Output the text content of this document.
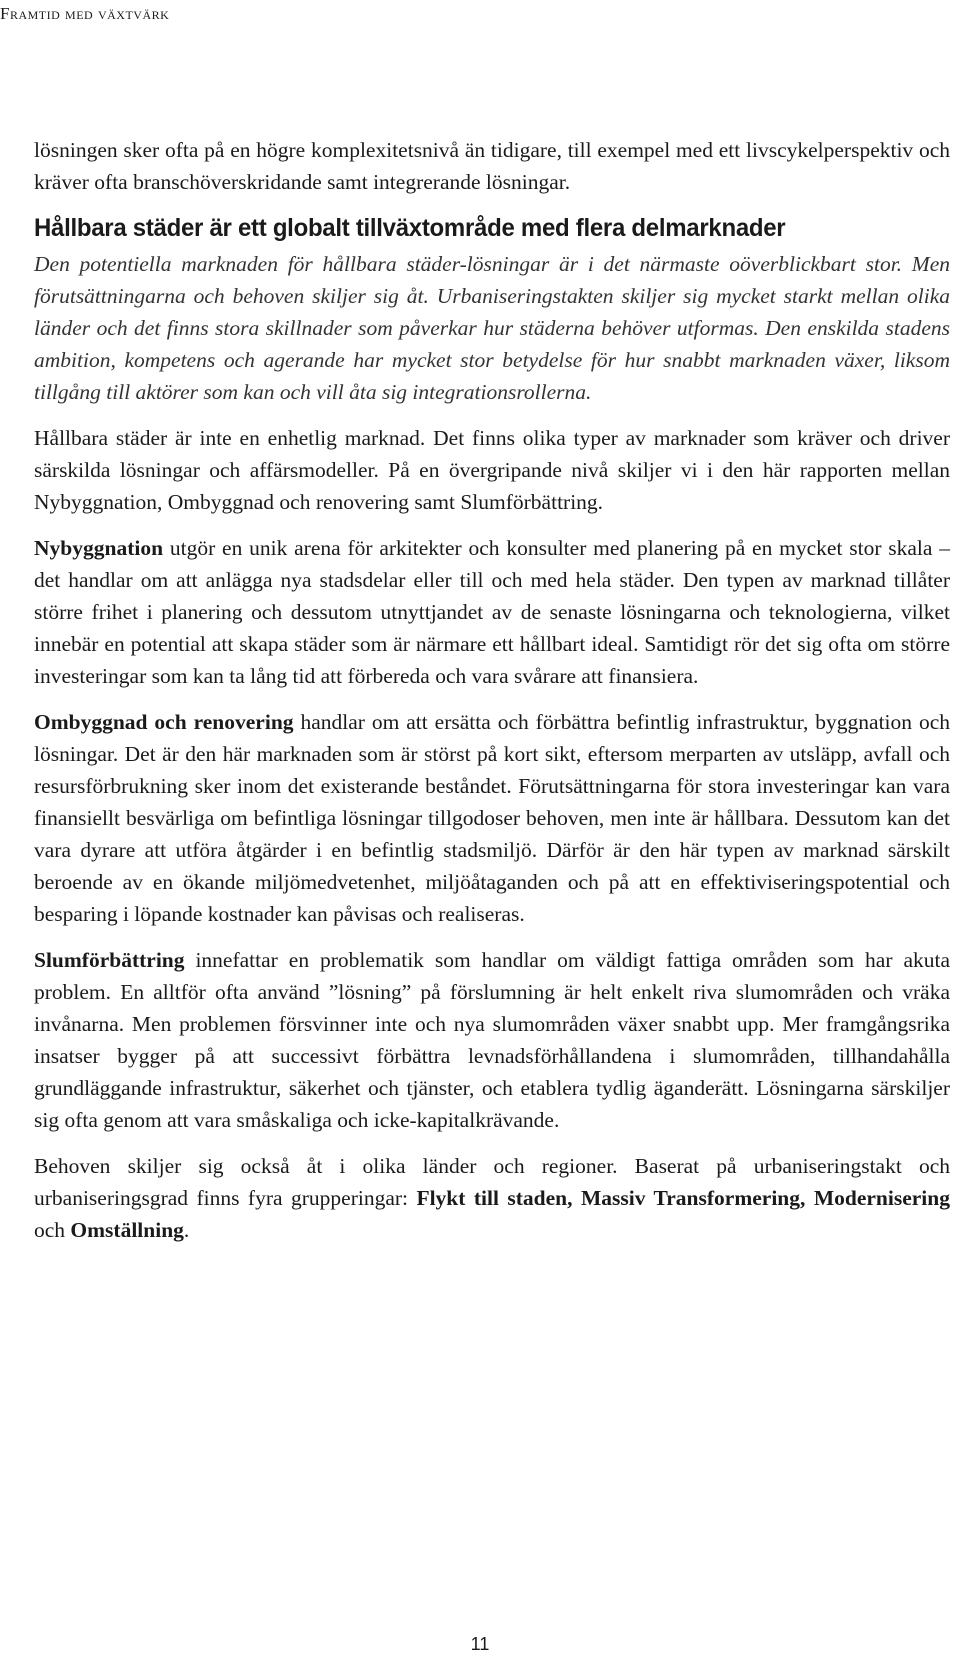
Framtid med växtvärk

lösningen sker ofta på en högre komplexitetsnivå än tidigare, till exempel med ett livscykelperspektiv och kräver ofta branschöverskridande samt integrerande lösningar.

Hållbara städer är ett globalt tillväxtområde med flera delmarknader

Den potentiella marknaden för hållbara städer-lösningar är i det närmaste oöverblickbart stor. Men förutsättningarna och behoven skiljer sig åt. Urbaniseringstakten skiljer sig mycket starkt mellan olika länder och det finns stora skillnader som påverkar hur städerna behöver utformas. Den enskilda stadens ambition, kompetens och agerande har mycket stor betydelse för hur snabbt marknaden växer, liksom tillgång till aktörer som kan och vill åta sig integrationsrollerna.

Hållbara städer är inte en enhetlig marknad. Det finns olika typer av marknader som kräver och driver särskilda lösningar och affärsmodeller. På en övergripande nivå skiljer vi i den här rapporten mellan Nybyggnation, Ombyggnad och renovering samt Slumförbättring.

Nybyggnation utgör en unik arena för arkitekter och konsulter med planering på en mycket stor skala – det handlar om att anlägga nya stadsdelar eller till och med hela städer. Den typen av marknad tillåter större frihet i planering och dessutom utnyttjandet av de senaste lösningarna och teknologierna, vilket innebär en potential att skapa städer som är närmare ett hållbart ideal. Samtidigt rör det sig ofta om större investeringar som kan ta lång tid att förbereda och vara svårare att finansiera.

Ombyggnad och renovering handlar om att ersätta och förbättra befintlig infrastruktur, byggnation och lösningar. Det är den här marknaden som är störst på kort sikt, eftersom merparten av utsläpp, avfall och resursförbrukning sker inom det existerande beståndet. Förutsättningarna för stora investeringar kan vara finansiellt besvärliga om befintliga lösningar tillgodoser behoven, men inte är hållbara. Dessutom kan det vara dyrare att utföra åtgärder i en befintlig stadsmiljö. Därför är den här typen av marknad särskilt beroende av en ökande miljömedvetenhet, miljöåtaganden och på att en effektiviseringspotential och besparing i löpande kostnader kan påvisas och realiseras.

Slumförbättring innefattar en problematik som handlar om väldigt fattiga områden som har akuta problem. En alltför ofta använd ”lösning” på förslumning är helt enkelt riva slumområden och vräka invånarna. Men problemen försvinner inte och nya slumområden växer snabbt upp. Mer framgångsrika insatser bygger på att successivt förbättra levnadsförhållandena i slumområden, tillhandahålla grundläggande infrastruktur, säkerhet och tjänster, och etablera tydlig äganderätt. Lösningarna särskiljer sig ofta genom att vara småskaliga och icke-kapitalkrävande.

Behoven skiljer sig också åt i olika länder och regioner. Baserat på urbaniseringstakt och urbaniseringsgrad finns fyra grupperingar: Flykt till staden, Massiv Transformering, Modernisering och Omställning.

11
